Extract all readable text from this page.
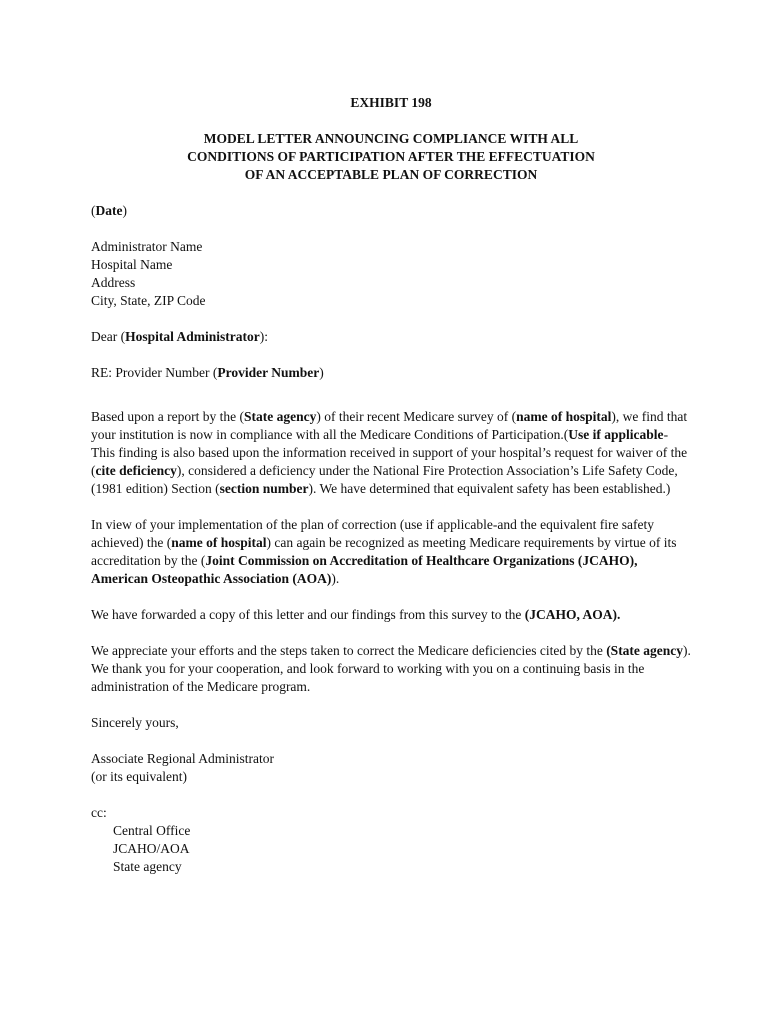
EXHIBIT 198
MODEL LETTER ANNOUNCING COMPLIANCE WITH ALL
CONDITIONS OF PARTICIPATION AFTER THE EFFECTUATION
OF AN ACCEPTABLE PLAN OF CORRECTION

(Date)

Administrator Name
Hospital Name
Address
City, State, ZIP Code

Dear (Hospital Administrator):

RE: Provider Number (Provider Number)

Based upon a report by the (State agency) of their recent Medicare survey of (name of hospital), we find that your institution is now in compliance with all the Medicare Conditions of Participation.(Use if applicable-This finding is also based upon the information received in support of your hospital’s request for waiver of the (cite deficiency), considered a deficiency under the National Fire Protection Association’s Life Safety Code, (1981 edition) Section (section number). We have determined that equivalent safety has been established.)

In view of your implementation of the plan of correction (use if applicable-and the equivalent fire safety achieved) the (name of hospital) can again be recognized as meeting Medicare requirements by virtue of its accreditation by the (Joint Commission on Accreditation of Healthcare Organizations (JCAHO), American Osteopathic Association (AOA)).

We have forwarded a copy of this letter and our findings from this survey to the (JCAHO, AOA).

We appreciate your efforts and the steps taken to correct the Medicare deficiencies cited by the (State agency). We thank you for your cooperation, and look forward to working with you on a continuing basis in the administration of the Medicare program.

Sincerely yours,

Associate Regional Administrator
(or its equivalent)
cc:
Central Office
JCAHO/AOA
State agency
